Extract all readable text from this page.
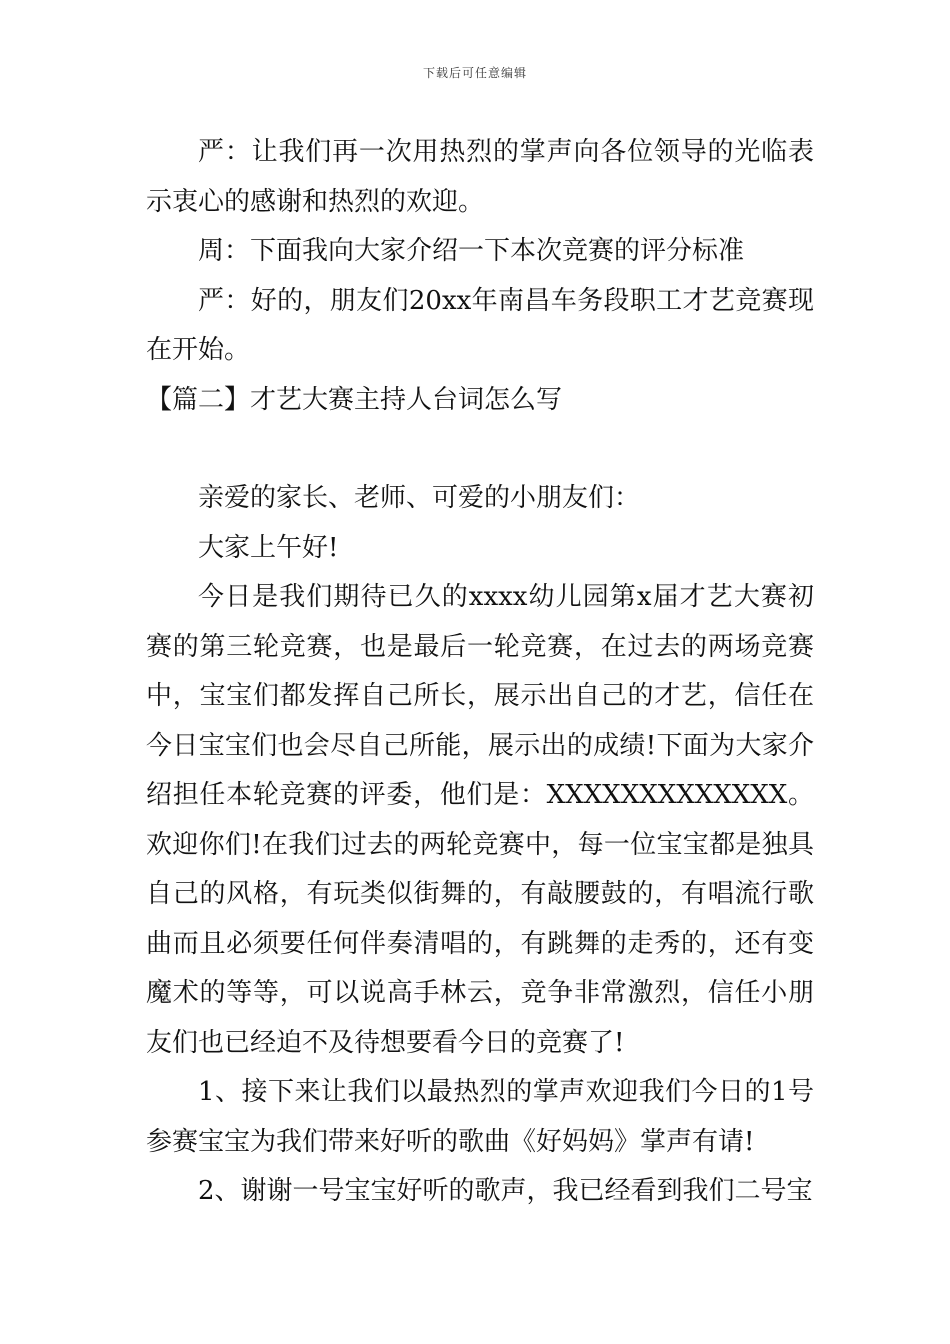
下载后可任意编辑

严：让我们再一次用热烈的掌声向各位领导的光临表示衷心的感谢和热烈的欢迎。

周：下面我向大家介绍一下本次竞赛的评分标准

严：好的，朋友们20xx年南昌车务段职工才艺竞赛现在开始。

【篇二】才艺大赛主持人台词怎么写

亲爱的家长、老师、可爱的小朋友们：

大家上午好!

今日是我们期待已久的xxxx幼儿园第x届才艺大赛初赛的第三轮竞赛，也是最后一轮竞赛，在过去的两场竞赛中，宝宝们都发挥自己所长，展示出自己的才艺，信任在今日宝宝们也会尽自己所能，展示出的成绩!下面为大家介绍担任本轮竞赛的评委，他们是：XXXXXXXXXXXXX。欢迎你们!在我们过去的两轮竞赛中，每一位宝宝都是独具自己的风格，有玩类似街舞的，有敲腰鼓的，有唱流行歌曲而且必须要任何伴奏清唱的，有跳舞的走秀的，还有变魔术的等等，可以说高手林云，竞争非常激烈，信任小朋友们也已经迫不及待想要看今日的竞赛了!

1、接下来让我们以最热烈的掌声欢迎我们今日的1号参赛宝宝为我们带来好听的歌曲《好妈妈》掌声有请!

2、谢谢一号宝宝好听的歌声，我已经看到我们二号宝
